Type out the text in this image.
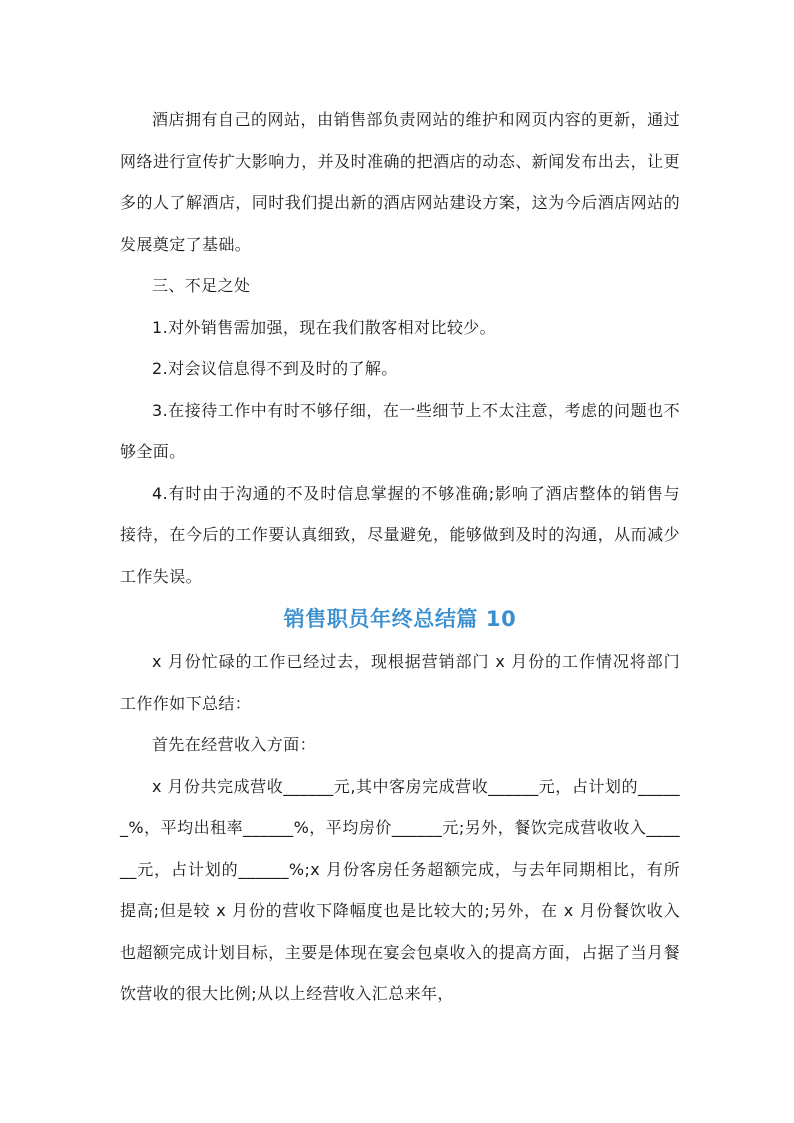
酒店拥有自己的网站，由销售部负责网站的维护和网页内容的更新，通过网络进行宣传扩大影响力，并及时准确的把酒店的动态、新闻发布出去，让更多的人了解酒店，同时我们提出新的酒店网站建设方案，这为今后酒店网站的发展奠定了基础。

三、不足之处

1.对外销售需加强，现在我们散客相对比较少。

2.对会议信息得不到及时的了解。

3.在接待工作中有时不够仔细，在一些细节上不太注意，考虑的问题也不够全面。

4.有时由于沟通的不及时信息掌握的不够准确;影响了酒店整体的销售与接待，在今后的工作要认真细致，尽量避免，能够做到及时的沟通，从而减少工作失误。

销售职员年终总结篇 10

x 月份忙碌的工作已经过去，现根据营销部门 x 月份的工作情况将部门工作作如下总结：

首先在经营收入方面：

x 月份共完成营收______元,其中客房完成营收______元，占计划的______%，平均出租率______%，平均房价______元;另外，餐饮完成营收收入______元，占计划的______%;x 月份客房任务超额完成，与去年同期相比，有所提高;但是较 x 月份的营收下降幅度也是比较大的;另外，在 x 月份餐饮收入也超额完成计划目标，主要是体现在宴会包桌收入的提高方面，占据了当月餐饮营收的很大比例;从以上经营收入汇总来年，
